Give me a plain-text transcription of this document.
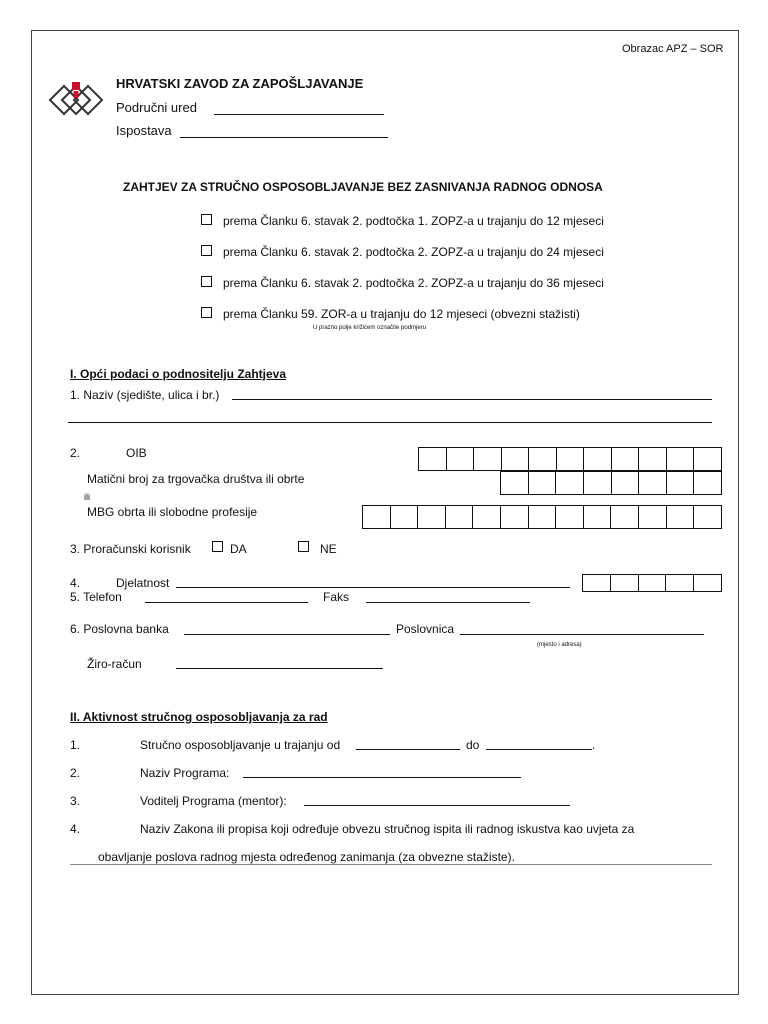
Obrazac APZ – SOR
HRVATSKI ZAVOD ZA ZAPOŠLJAVANJE
Područni ured
Ispostava
ZAHTJEV ZA STRUČNO OSPOSOBLJAVANJE BEZ ZASNIVANJA RADNOG ODNOSA
prema Članku 6. stavak 2. podtočka 1. ZOPZ-a u trajanju do 12 mjeseci
prema Članku 6. stavak 2. podtočka 2. ZOPZ-a u trajanju do 24 mjeseci
prema Članku 6. stavak 2. podtočka 2. ZOPZ-a u trajanju do 36 mjeseci
prema Članku 59. ZOR-a u trajanju do 12 mjeseci (obvezni stažisti)
U prazno polje križićem označite podmjeru
I. Opći podaci o podnositelju Zahtjeva
1. Naziv (sjedište, ulica i br.)
2.	OIB
Matični broj za trgovačka društva ili obrte
ili
MBG obrta ili slobodne profesije
3. Proračunski korisnik	DA	NE
4.	Djelatnost
5. Telefon	Faks
6. Poslovna banka	Poslovnica
(mjesto i adresa)
Žiro-račun
II. Aktivnost stručnog osposobljavanja za rad
1.	Stručno osposobljavanje u trajanju od	do	.
2.	Naziv Programa:
3.	Voditelj Programa (mentor):
4.	Naziv Zakona ili propisa koji određuje obvezu stručnog ispita ili radnog iskustva kao uvjeta za
obavljanje poslova radnog mjesta određenog zanimanja (za obvezne stažiste).
